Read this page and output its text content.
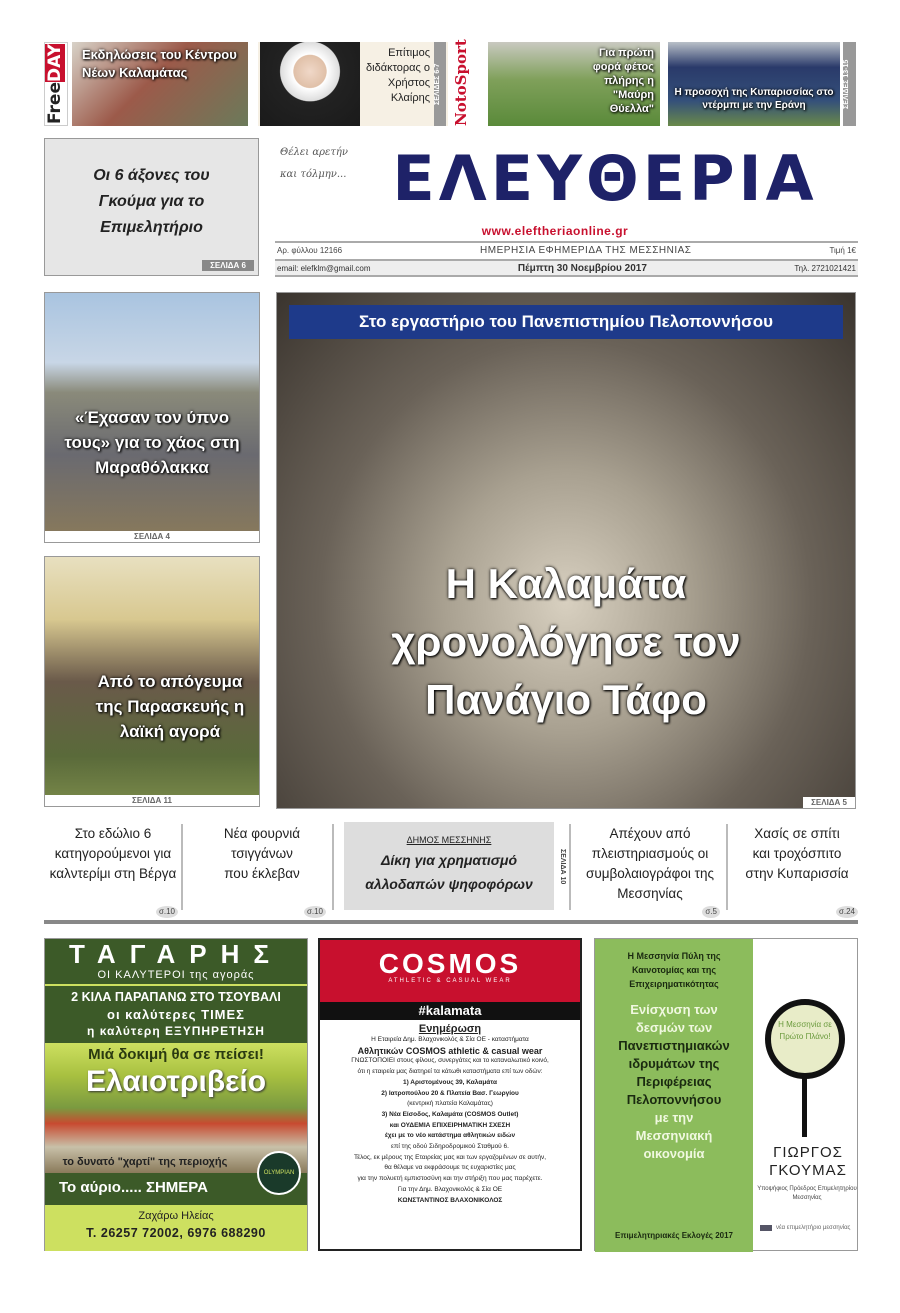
FreeDAY	Εκδηλώσεις του Κέντρου Νέων Καλαμάτας
Επίτιμος διδάκτορας ο Χρήστος Κλαίρης ΣΕΛΙΔΕΣ 6-7 NotoSport	Για πρώτη φορά φέτος πλήρης η "Μαύρη Θύελλα"
Η προσοχή της Κυπαρισσίας στο ντέρμπι με την Εράνη	ΣΕΛΙΔΕΣ 13-15
Οι 6 άξονες του Γκούμα για το Επιμελητήριο
ΣΕΛΙΔΑ 6
Θέλει αρετήν και τόλμην... ΕΛΕΥΘΕΡΙΑ
www.eleftheriaonline.gr
Αρ. φύλλου 12166	ΗΜΕΡΗΣΙΑ ΕΦΗΜΕΡΙΔΑ ΤΗΣ ΜΕΣΣΗΝΙΑΣ	Τιμή 1€
email: elefklm@gmail.com	Πέμπτη 30 Νοεμβρίου 2017	Τηλ. 2721021421
«Έχασαν τον ύπνο τους» για το χάος στη Μαραθόλακκα
ΣΕΛΙΔΑ 4
Από το απόγευμα της Παρασκευής η λαϊκή αγορά
ΣΕΛΙΔΑ 11
Στο εργαστήριο του Πανεπιστημίου Πελοποννήσου
Η Καλαμάτα χρονολόγησε τον Πανάγιο Τάφο
ΣΕΛΙΔΑ 5
Στο εδώλιο 6 κατηγορούμενοι για καλντερίμι στη Βέργα
σ.10
Νέα φουρνιά τσιγγάνων που έκλεβαν
σ.10
ΔΗΜΟΣ ΜΕΣΣΗΝΗΣ
Δίκη για χρηματισμό αλλοδαπών ψηφοφόρων	ΣΕΛΙΔΑ 10
Απέχουν από πλειστηριασμούς οι συμβολαιογράφοι της Μεσσηνίας
σ.5
Χασίς σε σπίτι και τροχόσπιτο στην Κυπαρισσία
σ.24
ΤΑΓΑΡΗΣ
ΟΙ ΚΑΛΥΤΕΡΟΙ της αγοράς
2 ΚΙΛΑ ΠΑΡΑΠΑΝΩ ΣΤΟ ΤΣΟΥΒΑΛΙ
οι καλύτερες ΤΙΜΕΣ
η καλύτερη ΕΞΥΠΗΡΕΤΗΣΗ
Μιά δοκιμή θα σε πείσει!
Ελαιοτριβείο
το δυνατό "χαρτί" της περιοχής
OLYMPIAN GREEN
Το αύριο..... ΣΗΜΕΡΑ
Ζαχάρω Ηλείας
Τ. 26257 72002, 6976 688290
COSMOS
ATHLETIC & CASUAL WEAR
#kalamata
Ενημέρωση
Η Εταιρεία Δημ. Βλαχονικολός & Σία ΟΕ - καταστήματα
Αθλητικών COSMOS athletic & casual wear
ΓΝΩΣΤΟΠΟΙΕΙ στους φίλους, συνεργάτες και το καταναλωτικό κοινό,
ότι η εταιρεία μας διατηρεί τα κάτωθι καταστήματα επί των οδών:
1) Αριστομένους 39, Καλαμάτα
2) Ιατροπούλου 20 & Πλατεία Βασ. Γεωργίου
(κεντρική πλατεία Καλαμάτας)
3) Νέα Είσοδος, Καλαμάτα (COSMOS Outlet)
και ΟΥΔΕΜΙΑ ΕΠΙΧΕΙΡΗΜΑΤΙΚΗ ΣΧΕΣΗ
έχει με το νέο κατάστημα αθλητικών ειδών
επί της οδού Σιδηροδρομικού Σταθμού 6.
Τέλος, εκ μέρους της Εταιρείας μας και των εργαζομένων σε αυτήν,
θα θέλαμε να εκφράσουμε τις ευχαριστίες μας
για την πολυετή εμπιστοσύνη και την στήριξη που μας παρέχετε.
Για την Δημ. Βλαχονικολός & Σία ΟΕ
ΚΩΝΣΤΑΝΤΙΝΟΣ ΒΛΑΧΟΝΙΚΟΛΟΣ
Η Μεσσηνία Πύλη της Καινοτομίας και της Επιχειρηματικότητας
Ενίσχυση των δεσμών των
Πανεπιστημιακών ιδρυμάτων της Περιφέρειας Πελοποννήσου
με την Μεσσηνιακή οικονομία
Επιμελητηριακές Εκλογές 2017
Η Μεσσηνία σε Πρώτο Πλάνο!
ΓΙΩΡΓΟΣ ΓΚΟΥΜΑΣ
Υποψήφιος Πρόεδρος Επιμελητηρίου Μεσσηνίας
νέα επιμελητήριο μεσσηνίας
